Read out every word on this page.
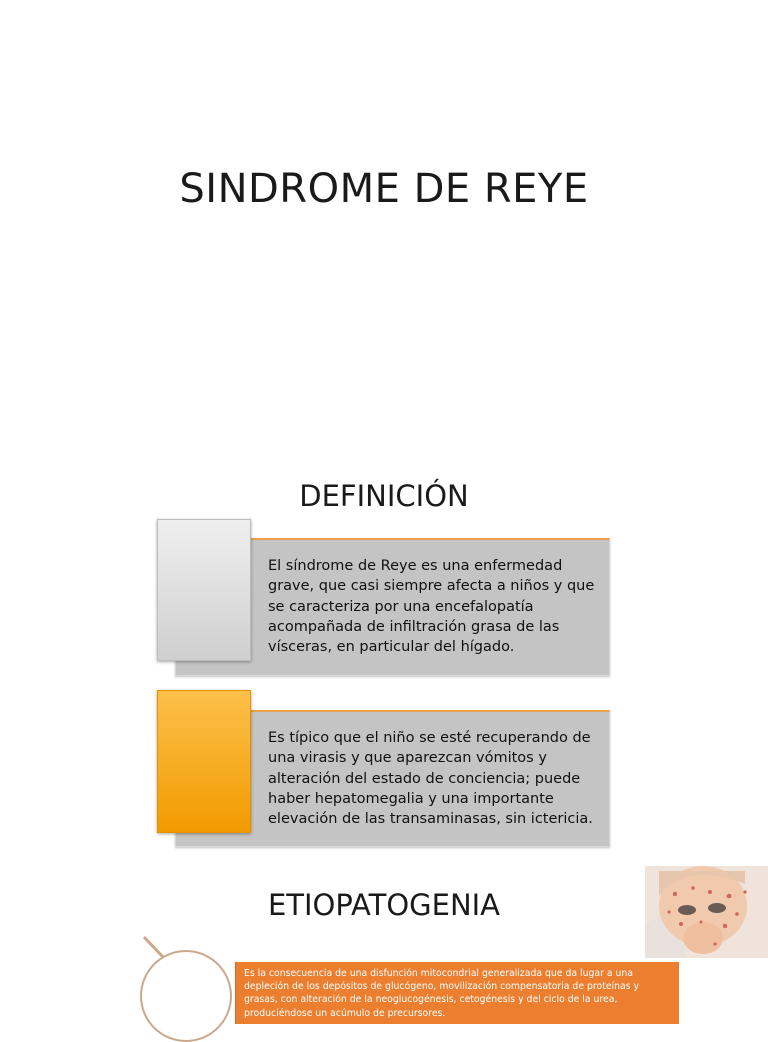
SINDROME DE REYE
DEFINICIÓN
El síndrome de Reye es una enfermedad grave, que casi siempre afecta a niños y que se caracteriza por una encefalopatía acompañada de infiltración grasa de las vísceras, en particular del hígado.
Es típico que el niño se esté recuperando de una virasis y que aparezcan vómitos y alteración del estado de conciencia; puede haber hepatomegalia y una importante elevación de las transaminasas, sin ictericia.
ETIOPATOGENIA
Es la consecuencia de una disfunción mitocondrial generalizada que da lugar a una depleción de los depósitos de glucógeno, movilización compensatoria de proteínas y grasas, con alteración de la neoglucogénesis, cetogénesis y del ciclo de la urea, produciéndose un acúmulo de precursores.
